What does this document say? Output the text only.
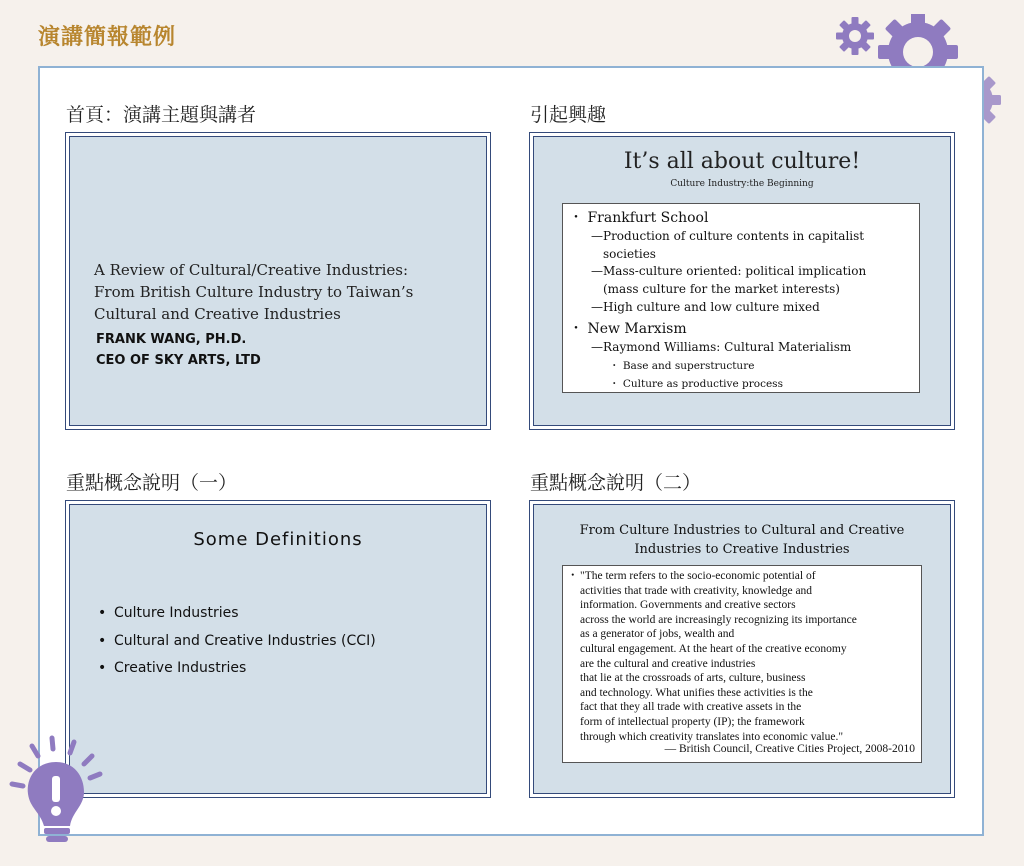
演講簡報範例
首頁：演講主題與講者	引起興趣
重點概念說明（一）	重點概念說明（二）
A Review of Cultural/Creative Industries:
From British Culture Industry to Taiwan’s
Cultural and Creative Industries
FRANK WANG, PH.D.
CEO OF SKY ARTS, LTD
It’s all about culture!
Culture Industry:the Beginning
・ Frankfurt School
—Production of culture contents in capitalist
societies
—Mass-culture oriented: political implication
(mass culture for the market interests)
—High culture and low culture mixed
・ New Marxism
—Raymond Williams: Cultural Materialism
・ Base and superstructure
・ Culture as productive process
Some Definitions
• Culture Industries
• Cultural and Creative Industries (CCI)
• Creative Industries
From Culture Industries to Cultural and Creative
Industries to Creative Industries
・ "The term refers to the socio-economic potential of
activities that trade with creativity, knowledge and
information. Governments and creative sectors
across the world are increasingly recognizing its importance
as a generator of jobs, wealth and
cultural engagement. At the heart of the creative economy
are the cultural and creative industries
that lie at the crossroads of arts, culture, business
and technology. What unifies these activities is the
fact that they all trade with creative assets in the
form of intellectual property (IP); the framework
through which creativity translates into economic value."
— British Council, Creative Cities Project, 2008-2010
